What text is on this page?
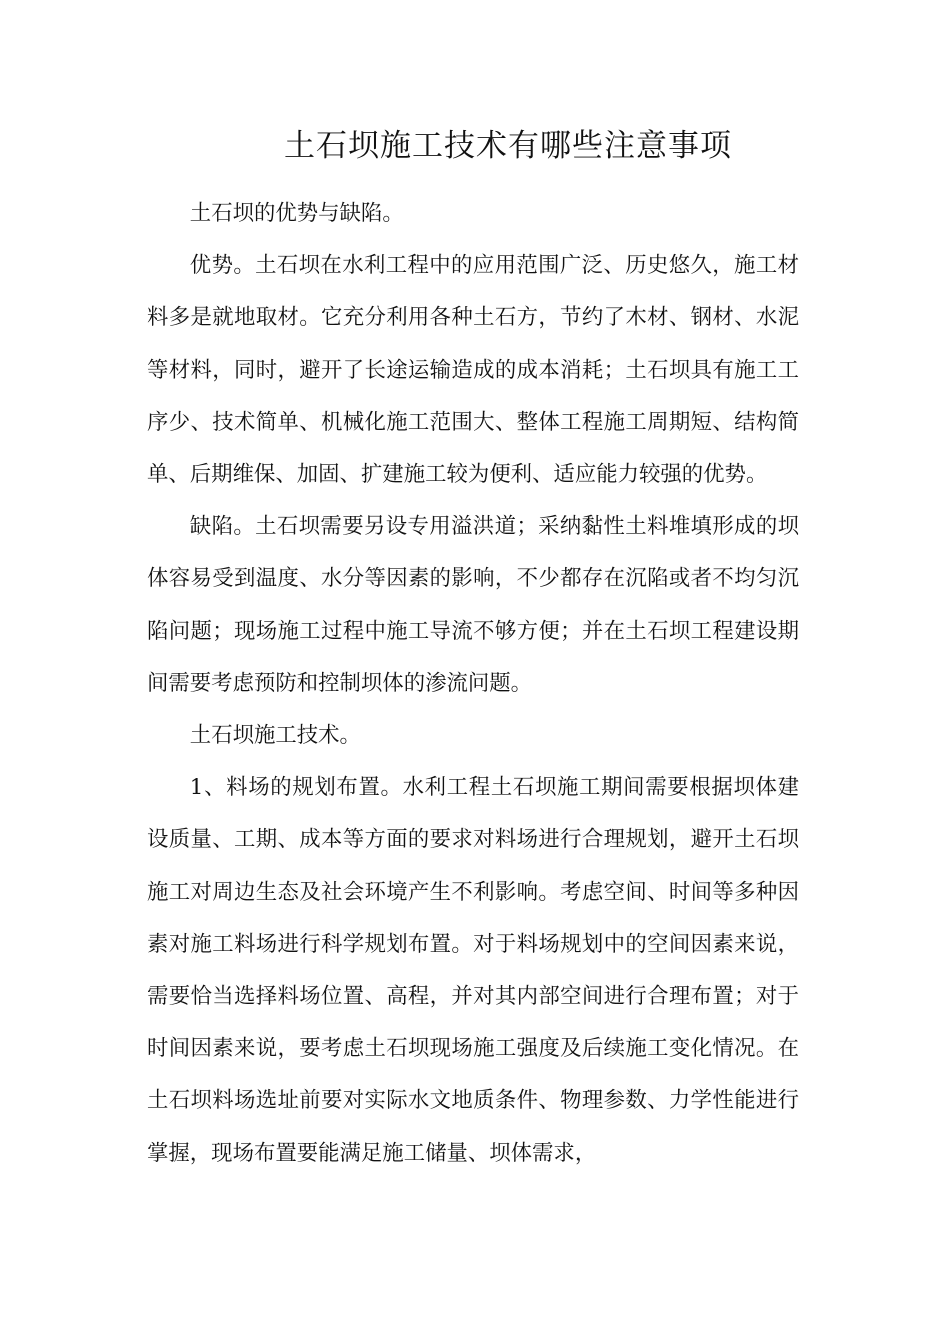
土石坝施工技术有哪些注意事项

土石坝的优势与缺陷。

优势。土石坝在水利工程中的应用范围广泛、历史悠久，施工材料多是就地取材。它充分利用各种土石方，节约了木材、钢材、水泥等材料，同时，避开了长途运输造成的成本消耗；土石坝具有施工工序少、技术简单、机械化施工范围大、整体工程施工周期短、结构简单、后期维保、加固、扩建施工较为便利、适应能力较强的优势。

缺陷。土石坝需要另设专用溢洪道；采纳黏性土料堆填形成的坝体容易受到温度、水分等因素的影响，不少都存在沉陷或者不均匀沉陷问题；现场施工过程中施工导流不够方便；并在土石坝工程建设期间需要考虑预防和控制坝体的渗流问题。

土石坝施工技术。

1、料场的规划布置。水利工程土石坝施工期间需要根据坝体建设质量、工期、成本等方面的要求对料场进行合理规划，避开土石坝施工对周边生态及社会环境产生不利影响。考虑空间、时间等多种因素对施工料场进行科学规划布置。对于料场规划中的空间因素来说，需要恰当选择料场位置、高程，并对其内部空间进行合理布置；对于时间因素来说，要考虑土石坝现场施工强度及后续施工变化情况。在土石坝料场选址前要对实际水文地质条件、物理参数、力学性能进行掌握，现场布置要能满足施工储量、坝体需求，
